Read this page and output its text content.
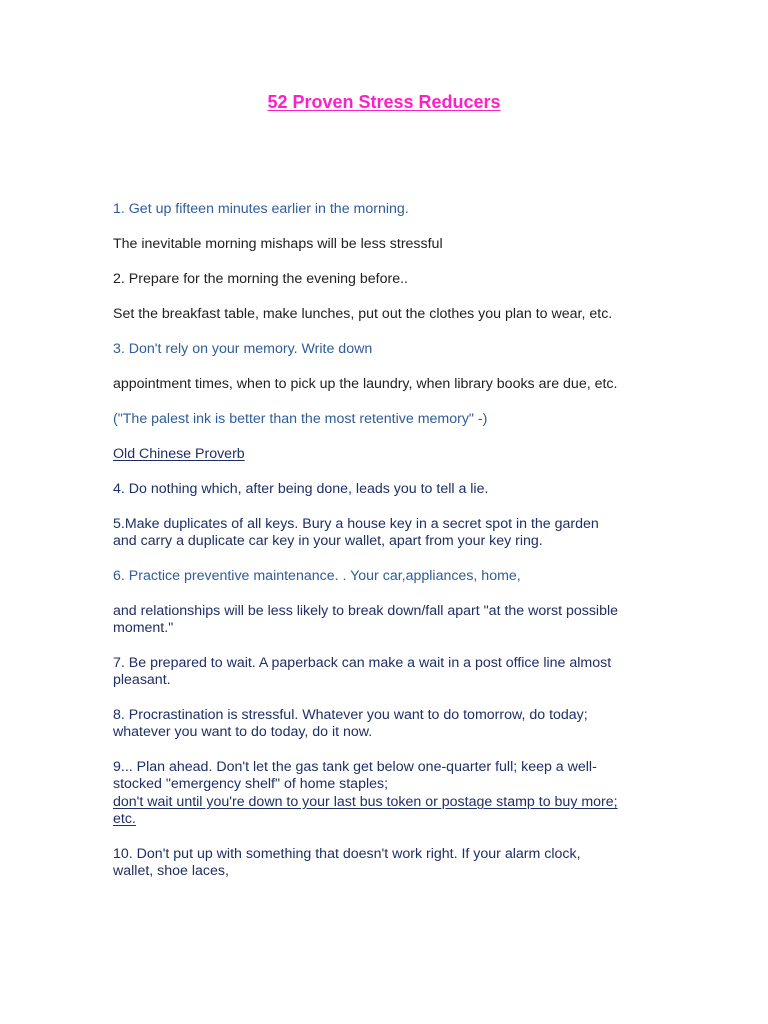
52 Proven Stress Reducers
1. Get up fifteen minutes earlier in the morning.
The inevitable morning mishaps will be less stressful
2. Prepare for the morning the evening before..
Set the breakfast table, make lunches, put out the clothes you plan to wear, etc.
3. Don't rely on your memory. Write down
appointment times, when to pick up the laundry, when library books are due, etc.
("The palest ink is better than the most retentive memory" -)
Old Chinese Proverb
4. Do nothing which, after being done, leads you to tell a lie.
5.Make duplicates of all keys. Bury a house key in a secret spot in the garden
and carry a duplicate car key in your wallet, apart from your key ring.
6. Practice preventive maintenance. . Your car,appliances, home,
and relationships will be less likely to break down/fall apart "at the worst possible
moment."
7. Be prepared to wait. A paperback can make a wait in a post office line almost
pleasant.
8. Procrastination is stressful. Whatever you want to do tomorrow, do today;
whatever you want to do today, do it now.
9... Plan ahead. Don't let the gas tank get below one-quarter full; keep a well-
stocked "emergency shelf" of home staples;
don't wait until you're down to your last bus token or postage stamp to buy more;
etc.
10. Don't put up with something that doesn't work right. If your alarm clock,
wallet, shoe laces,
